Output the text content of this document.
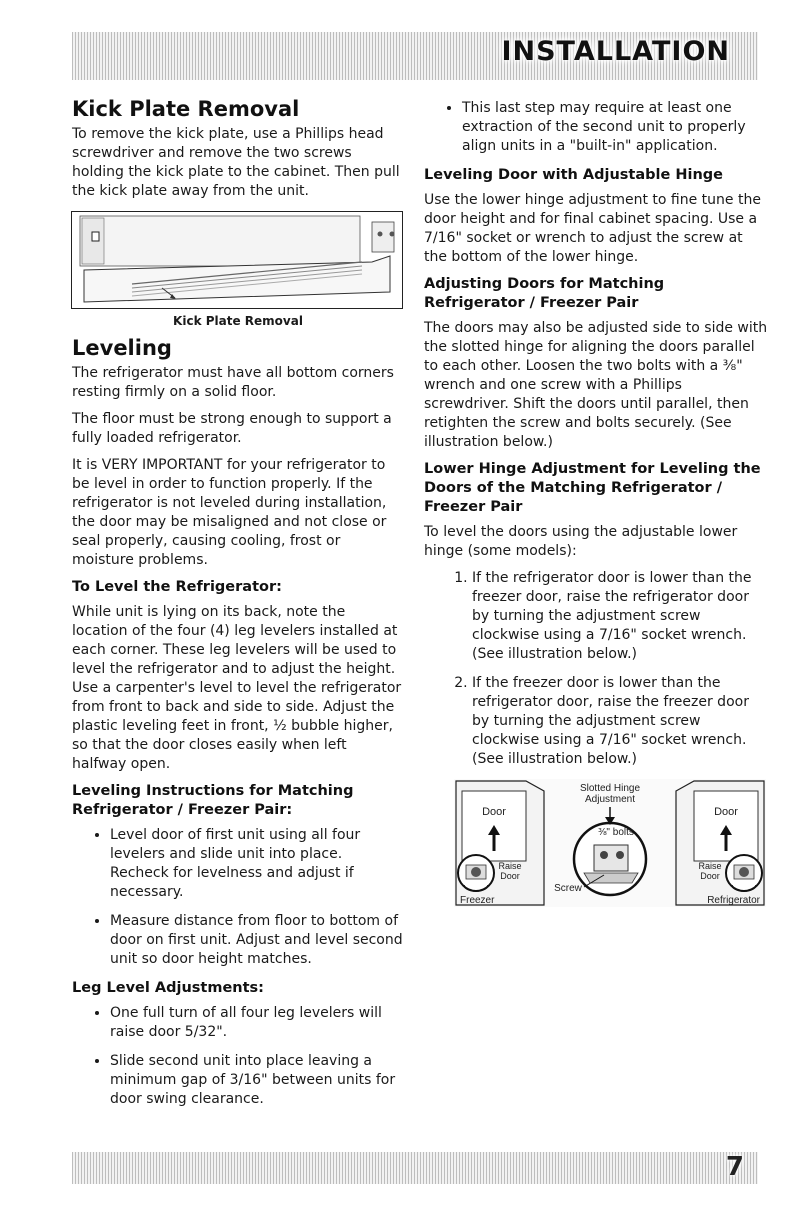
INSTALLATION
Kick Plate Removal

To remove the kick plate, use a Phillips head screwdriver and remove the two screws holding the kick plate to the cabinet. Then pull the kick plate away from the unit.

Kick Plate Removal
Leveling

The refrigerator must have all bottom corners resting firmly on a solid floor.

The floor must be strong enough to support a fully loaded refrigerator.

It is VERY IMPORTANT for your refrigerator to be level in order to function properly. If the refrigerator is not leveled during installation, the door may be misaligned and not close or seal properly, causing cooling, frost or moisture problems.

To Level the Refrigerator:

While unit is lying on its back, note the location of the four (4) leg levelers installed at each corner. These leg levelers will be used to level the refrigerator and to adjust the height. Use a carpenter's level to level the refrigerator from front to back and side to side. Adjust the plastic leveling feet in front, ½ bubble higher, so that the door closes easily when left halfway open.

Leveling Instructions for Matching Refrigerator / Freezer Pair:
• Level door of first unit using all four levelers and slide unit into place. Recheck for levelness and adjust if necessary.
• Measure distance from floor to bottom of door on first unit. Adjust and level second unit so door height matches.
Leg Level Adjustments:
• One full turn of all four leg levelers will raise door 5/32".
• Slide second unit into place leaving a minimum gap of 3/16" between units for door swing clearance.
• This last step may require at least one extraction of the second unit to properly align units in a "built-in" application.
Leveling Door with Adjustable Hinge

Use the lower hinge adjustment to fine tune the door height and for final cabinet spacing. Use a 7/16" socket or wrench to adjust the screw at the bottom of the lower hinge.

Adjusting Doors for Matching Refrigerator / Freezer Pair

The doors may also be adjusted side to side with the slotted hinge for aligning the doors parallel to each other. Loosen the two bolts with a ⅜" wrench and one screw with a Phillips screwdriver. Shift the doors until parallel, then retighten the screw and bolts securely. (See illustration below.)

Lower Hinge Adjustment for Leveling the Doors of the Matching Refrigerator / Freezer Pair

To level the doors using the adjustable lower hinge (some models):

1. If the refrigerator door is lower than the freezer door, raise the refrigerator door by turning the adjustment screw clockwise using a 7/16" socket wrench. (See illustration below.)
2. If the freezer door is lower than the refrigerator door, raise the freezer door by turning the adjustment screw clockwise using a 7/16" socket wrench. (See illustration below.)
Door	Door
Slotted Hinge
Adjustment
⅜" bolts
Raise
Door
Raise
Door
Screw
Freezer	Refrigerator
7
